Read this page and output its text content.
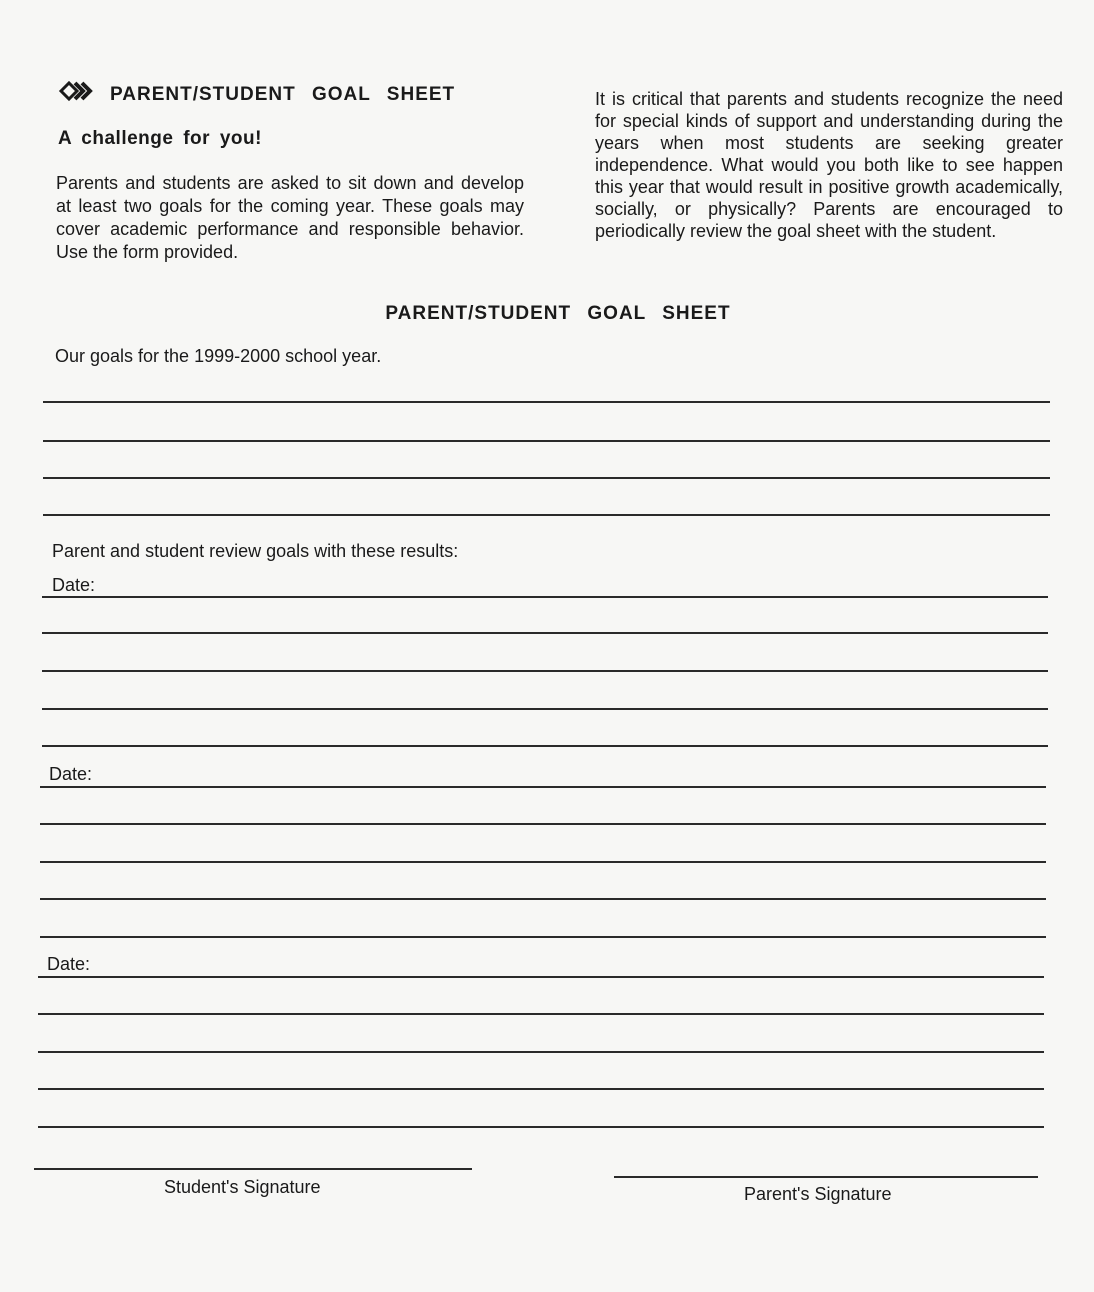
PARENT/STUDENT GOAL SHEET
A challenge for you!
Parents and students are asked to sit down and develop at least two goals for the coming year. These goals may cover academic performance and responsible behavior. Use the form provided.
It is critical that parents and students recognize the need for special kinds of support and understanding during the years when most students are seeking greater independence. What would you both like to see happen this year that would result in positive growth academically, socially, or physically? Parents are encouraged to periodically review the goal sheet with the student.
PARENT/STUDENT GOAL SHEET
Our goals for the 1999-2000 school year.
Parent and student review goals with these results:
Date:
Date:
Date:
Student's Signature	Parent's Signature
